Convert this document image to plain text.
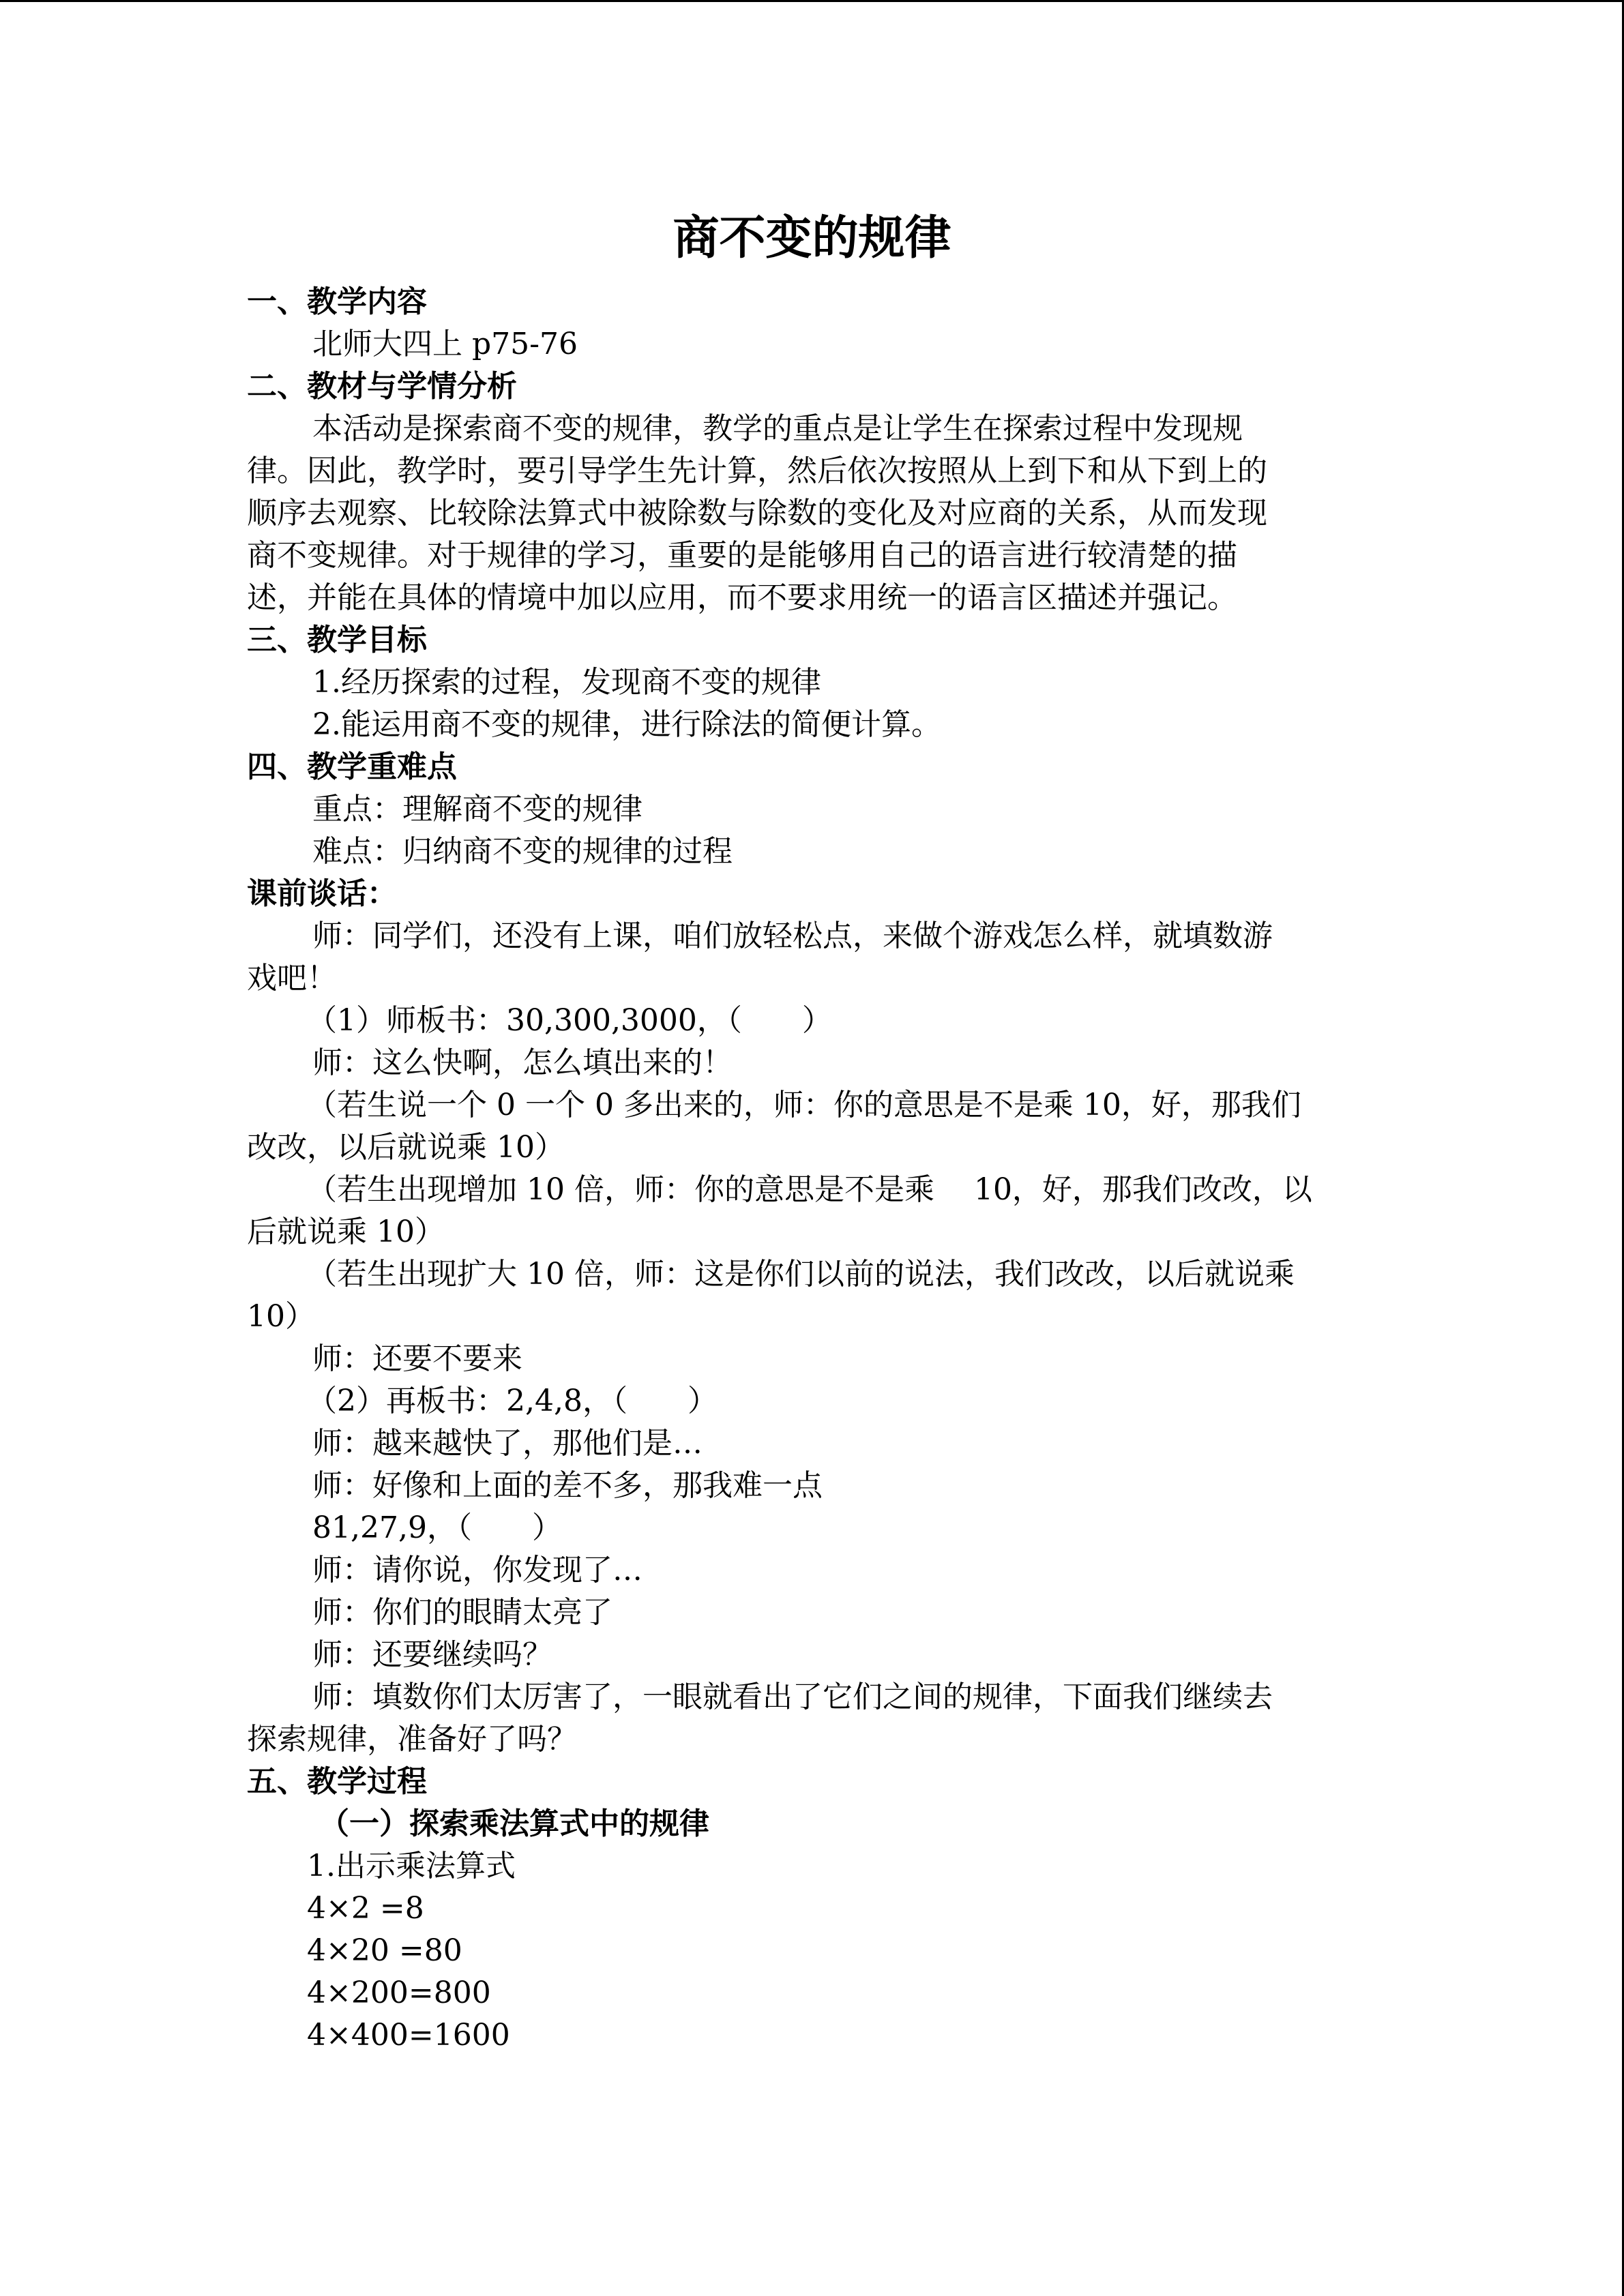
商不变的规律

一、教学内容

北师大四上 p75-76

二、教材与学情分析

本活动是探索商不变的规律，教学的重点是让学生在探索过程中发现规

律。因此，教学时，要引导学生先计算，然后依次按照从上到下和从下到上的

顺序去观察、比较除法算式中被除数与除数的变化及对应商的关系，从而发现

商不变规律。对于规律的学习，重要的是能够用自己的语言进行较清楚的描

述，并能在具体的情境中加以应用，而不要求用统一的语言区描述并强记。

三、教学目标

1.经历探索的过程，发现商不变的规律

2.能运用商不变的规律，进行除法的简便计算。

四、教学重难点

重点：理解商不变的规律

难点：归纳商不变的规律的过程

课前谈话：

师：同学们，还没有上课，咱们放轻松点，来做个游戏怎么样，就填数游

戏吧！

（1）师板书：30,300,3000，（　　）

师：这么快啊，怎么填出来的！

（若生说一个 0 一个 0 多出来的，师：你的意思是不是乘 10，好，那我们

改改，以后就说乘 10）

（若生出现增加 10 倍，师：你的意思是不是乘　 10，好，那我们改改，以

后就说乘 10）

（若生出现扩大 10 倍，师：这是你们以前的说法，我们改改，以后就说乘

10）

师：还要不要来

（2）再板书：2,4,8，（　　）

师：越来越快了，那他们是…

师：好像和上面的差不多，那我难一点

81,27,9，（　　）

师：请你说，你发现了…

师：你们的眼睛太亮了

师：还要继续吗？

师：填数你们太厉害了，一眼就看出了它们之间的规律，下面我们继续去

探索规律，准备好了吗？

五、教学过程

（一）探索乘法算式中的规律

1.出示乘法算式

4×2 =8

4×20 =80

4×200=800

4×400=1600
